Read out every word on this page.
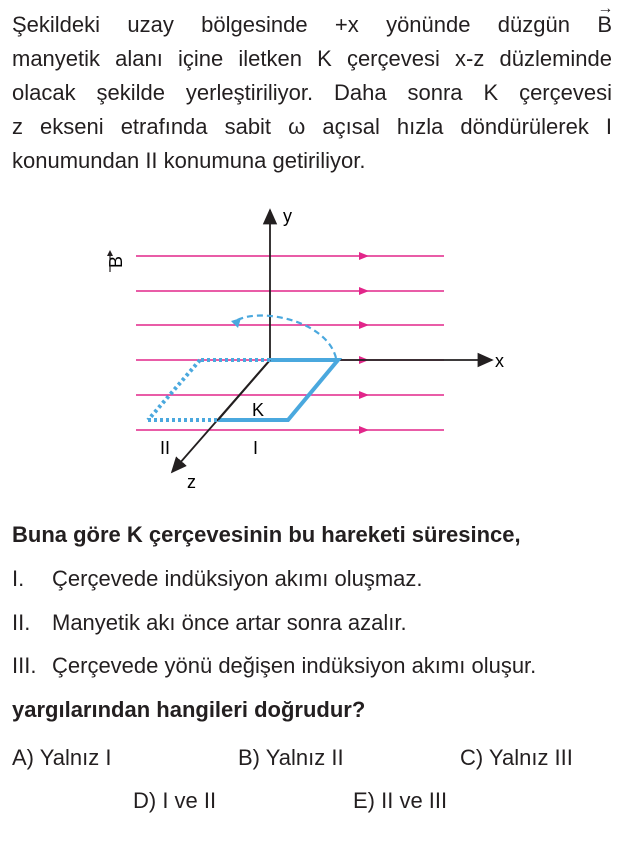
Şekildeki uzay bölgesinde +x yönünde düzgün → B
manyetik alanı içine iletken K çerçevesi x-z düzleminde
olacak şekilde yerleştiriliyor. Daha sonra K çerçevesi
z ekseni etrafında sabit ω açısal hızla döndürülerek I
konumundan II konumuna getiriliyor.
B
y
x
z
K
I
II
Buna göre K çerçevesinin bu hareketi süresince,
I. Çerçevede indüksiyon akımı oluşmaz.
II. Manyetik akı önce artar sonra azalır.
III. Çerçevede yönü değişen indüksiyon akımı oluşur.
yargılarından hangileri doğrudur?
A) Yalnız I	B) Yalnız II	C) Yalnız III
D) I ve II	E) II ve III
